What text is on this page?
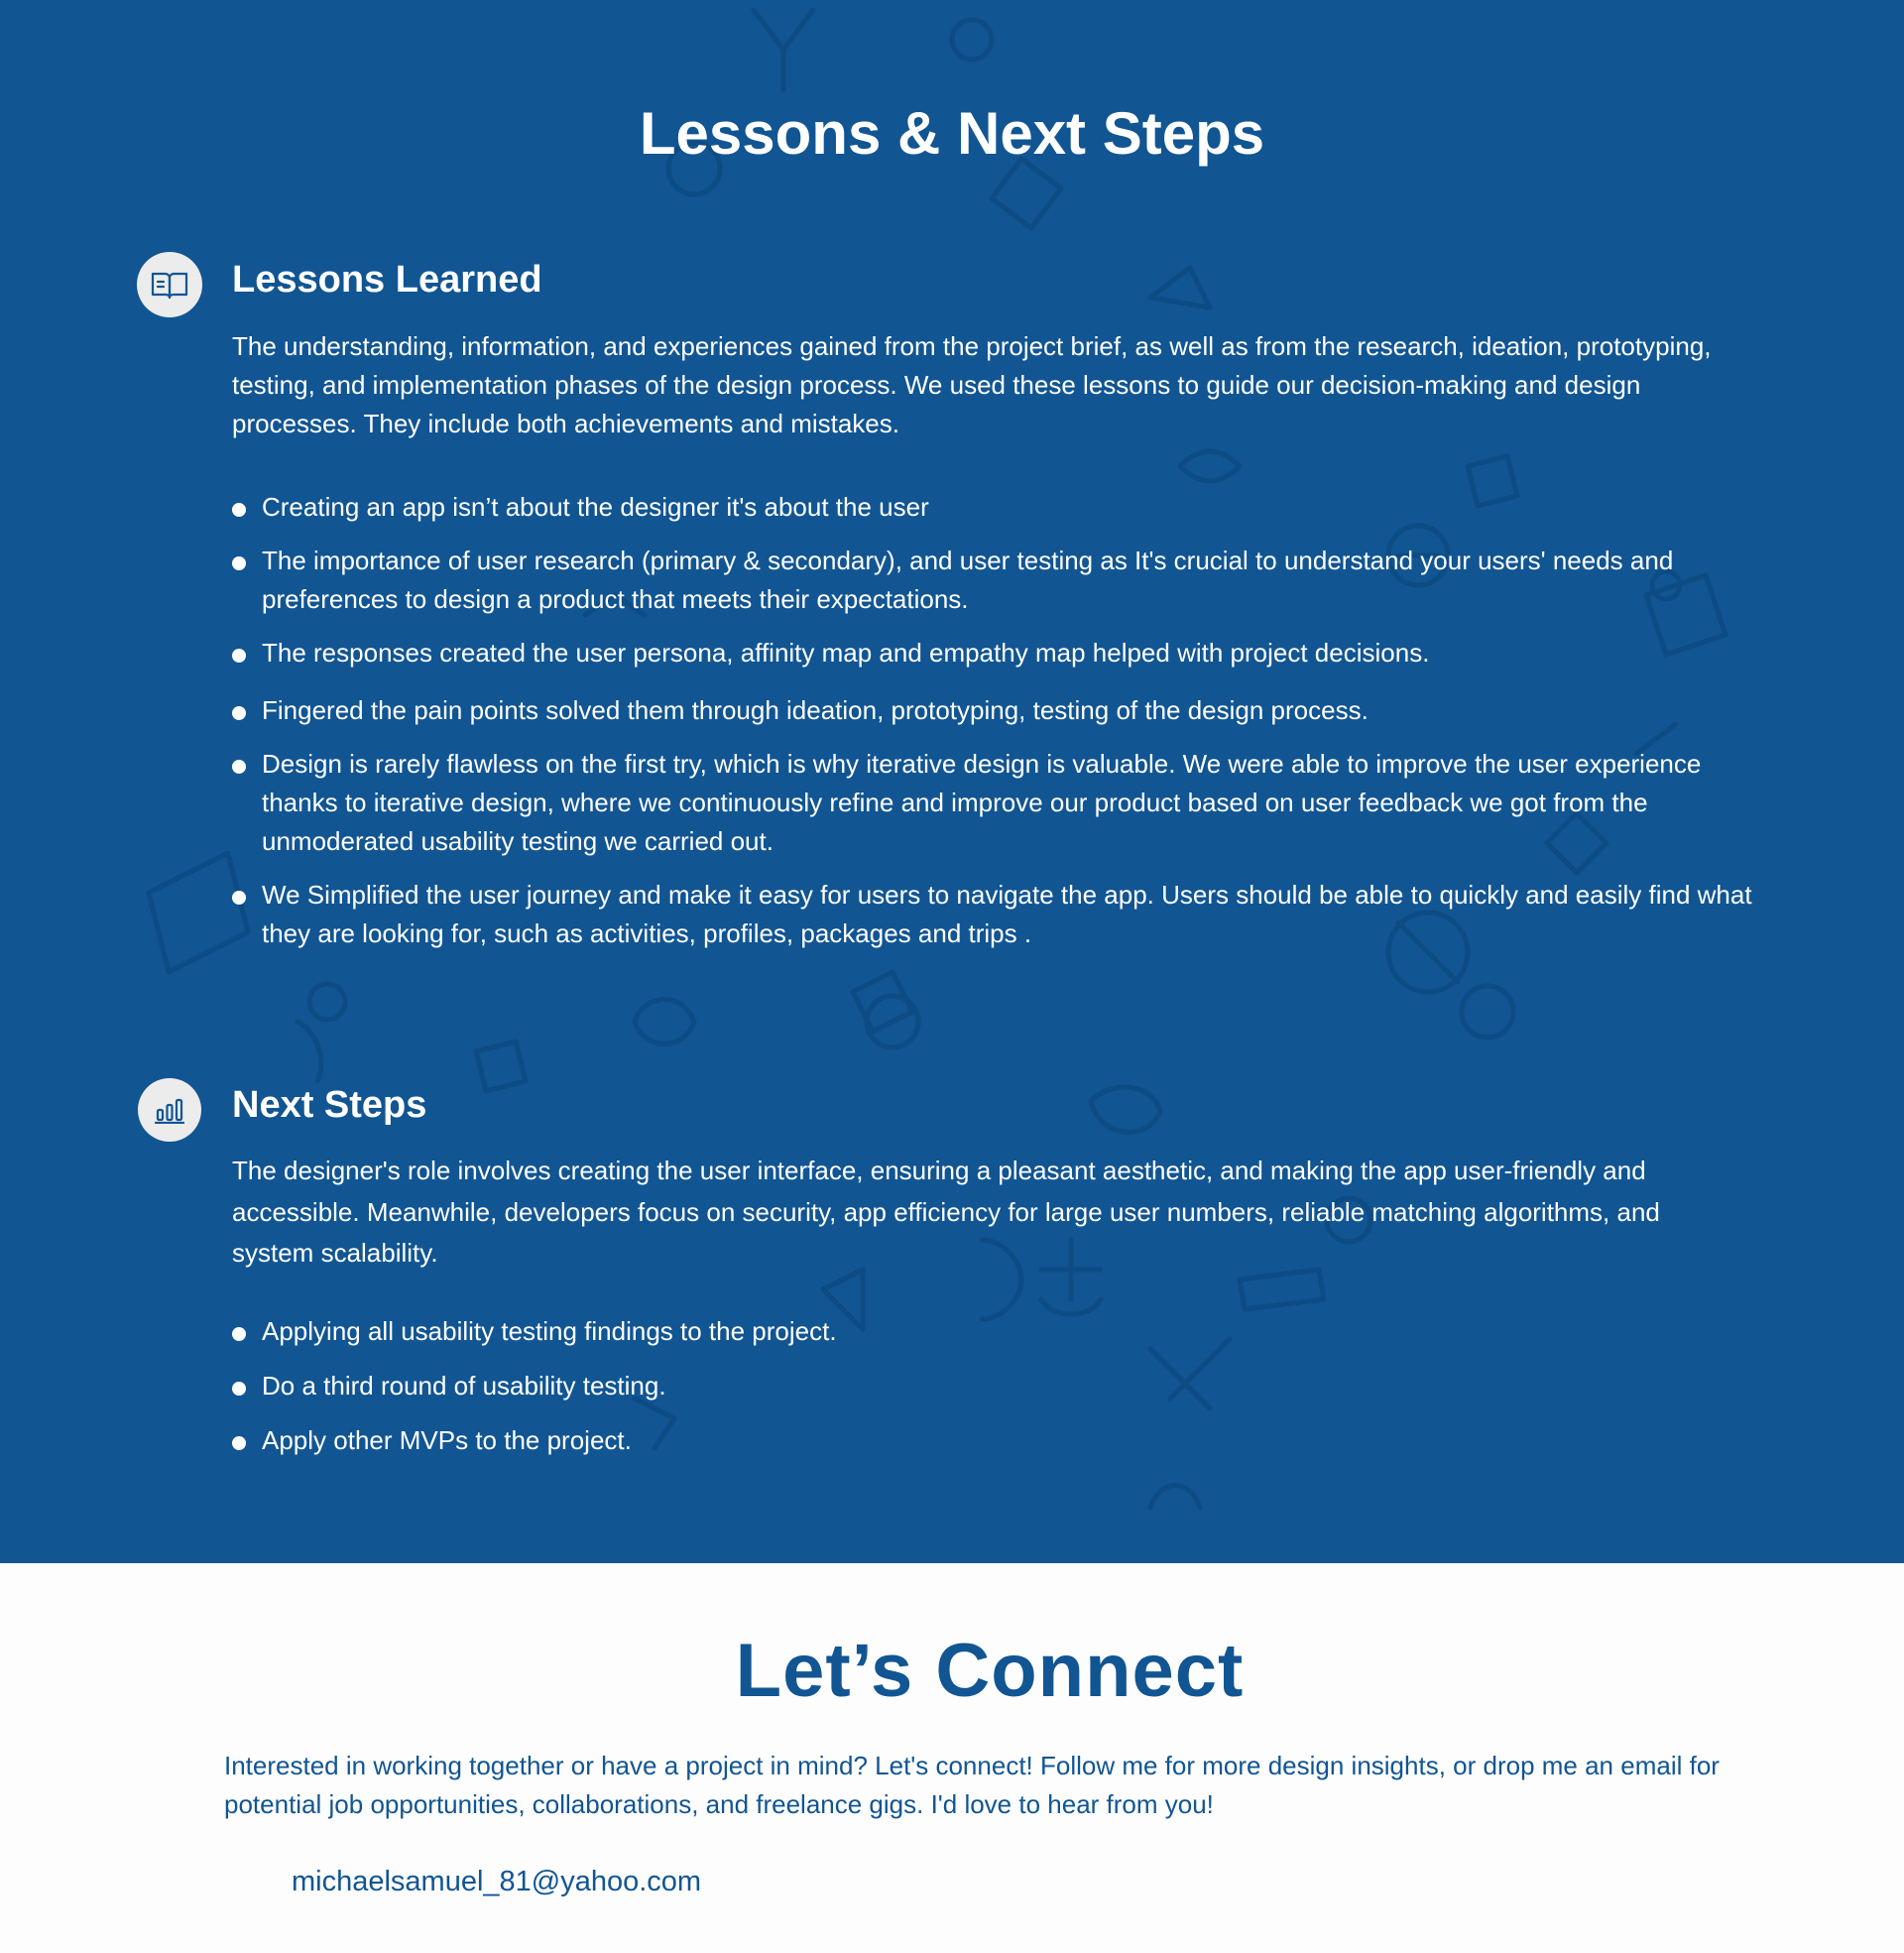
Lessons & Next Steps
Lessons Learned

The understanding, information, and experiences gained from the project brief, as well as from the research, ideation, prototyping, testing, and implementation phases of the design process. We used these lessons to guide our decision-making and design processes. They include both achievements and mistakes.

Creating an app isn’t about the designer it's about the user
The importance of user research (primary & secondary), and user testing as It's crucial to understand your users' needs and preferences to design a product that meets their expectations.
The responses created the user persona, affinity map and empathy map helped with project decisions.
Fingered the pain points solved them through ideation, prototyping, testing of the design process.
Design is rarely flawless on the first try, which is why iterative design is valuable. We were able to improve the user experience thanks to iterative design, where we continuously refine and improve our product based on user feedback we got from the unmoderated usability testing we carried out.
We Simplified the user journey and make it easy for users to navigate the app. Users should be able to quickly and easily find what they are looking for, such as activities, profiles, packages and trips .
Next Steps

The designer's role involves creating the user interface, ensuring a pleasant aesthetic, and making the app user-friendly and accessible. Meanwhile, developers focus on security, app efficiency for large user numbers, reliable matching algorithms, and system scalability.

Applying all usability testing findings to the project.
Do a third round of usability testing.
Apply other MVPs to the project.
Let’s Connect

Interested in working together or have a project in mind? Let's connect! Follow me for more design insights, or drop me an email for potential job opportunities, collaborations, and freelance gigs. I'd love to hear from you!

michaelsamuel_81@yahoo.com
